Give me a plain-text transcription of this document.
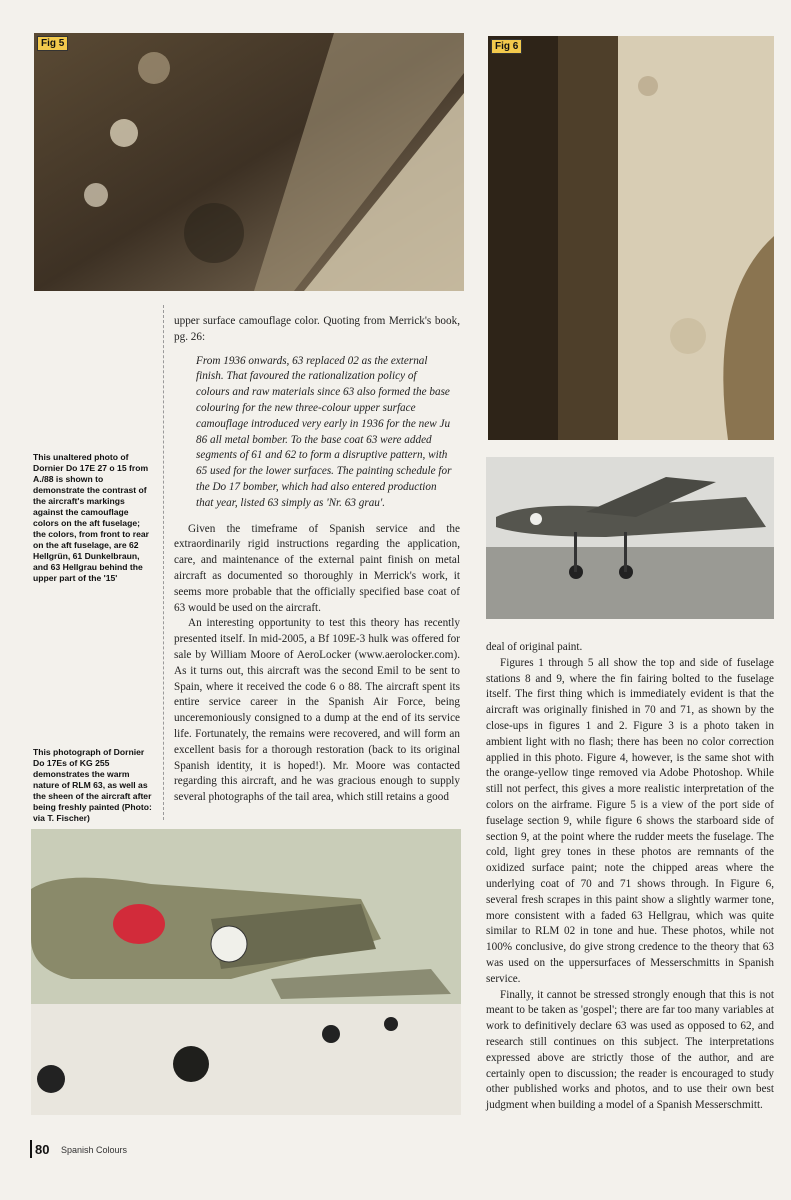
Fig 5	Fig 6
This unaltered photo of Dornier Do 17E 27 o 15 from A./88 is shown to demonstrate the contrast of the aircraft's markings against the camouflage colors on the aft fuselage; the colors, from front to rear on the aft fuselage, are 62 Hellgrün, 61 Dunkelbraun, and 63 Hellgrau behind the upper part of the '15'
This photograph of Dornier Do 17Es of KG 255 demonstrates the warm nature of RLM 63, as well as the sheen of the aircraft after being freshly painted (Photo: via T. Fischer)

upper surface camouflage color. Quoting from Merrick's book, pg. 26:

From 1936 onwards, 63 replaced 02 as the external finish. That favoured the rationalization policy of colours and raw materials since 63 also formed the base colouring for the new three-colour upper surface camouflage introduced very early in 1936 for the new Ju 86 all metal bomber. To the base coat 63 were added segments of 61 and 62 to form a disruptive pattern, with 65 used for the lower surfaces. The painting schedule for the Do 17 bomber, which had also entered production that year, listed 63 simply as 'Nr. 63 grau'.

Given the timeframe of Spanish service and the extraordinarily rigid instructions regarding the application, care, and maintenance of the external paint finish on metal aircraft as documented so thoroughly in Merrick's work, it seems more probable that the officially specified base coat of 63 would be used on the aircraft.

An interesting opportunity to test this theory has recently presented itself. In mid-2005, a Bf 109E-3 hulk was offered for sale by William Moore of AeroLocker (www.aerolocker.com). As it turns out, this aircraft was the second Emil to be sent to Spain, where it received the code 6 o 88. The aircraft spent its entire service career in the Spanish Air Force, being unceremoniously consigned to a dump at the end of its service life. Fortunately, the remains were recovered, and will form an excellent basis for a thorough restoration (back to its original Spanish identity, it is hoped!). Mr. Moore was contacted regarding this aircraft, and he was gracious enough to supply several photographs of the tail area, which still retains a good

deal of original paint.

Figures 1 through 5 all show the top and side of fuselage stations 8 and 9, where the fin fairing bolted to the fuselage itself. The first thing which is immediately evident is that the aircraft was originally finished in 70 and 71, as shown by the close-ups in figures 1 and 2. Figure 3 is a photo taken in ambient light with no flash; there has been no color correction applied in this photo. Figure 4, however, is the same shot with the orange-yellow tinge removed via Adobe Photoshop. While still not perfect, this gives a more realistic interpretation of the colors on the airframe. Figure 5 is a view of the port side of fuselage section 9, while figure 6 shows the starboard side of section 9, at the point where the rudder meets the fuselage. The cold, light grey tones in these photos are remnants of the oxidized surface paint; note the chipped areas where the underlying coat of 70 and 71 shows through. In Figure 6, several fresh scrapes in this paint show a slightly warmer tone, more consistent with a faded 63 Hellgrau, which was quite similar to RLM 02 in tone and hue. These photos, while not 100% conclusive, do give strong credence to the theory that 63 was used on the uppersurfaces of Messerschmitts in Spanish service.

Finally, it cannot be stressed strongly enough that this is not meant to be taken as 'gospel'; there are far too many variables at work to definitively declare 63 was used as opposed to 62, and research still continues on this subject. The interpretations expressed above are strictly those of the author, and are certainly open to discussion; the reader is encouraged to study other published works and photos, and to use their own best judgment when building a model of a Spanish Messerschmitt.

80 Spanish Colours
